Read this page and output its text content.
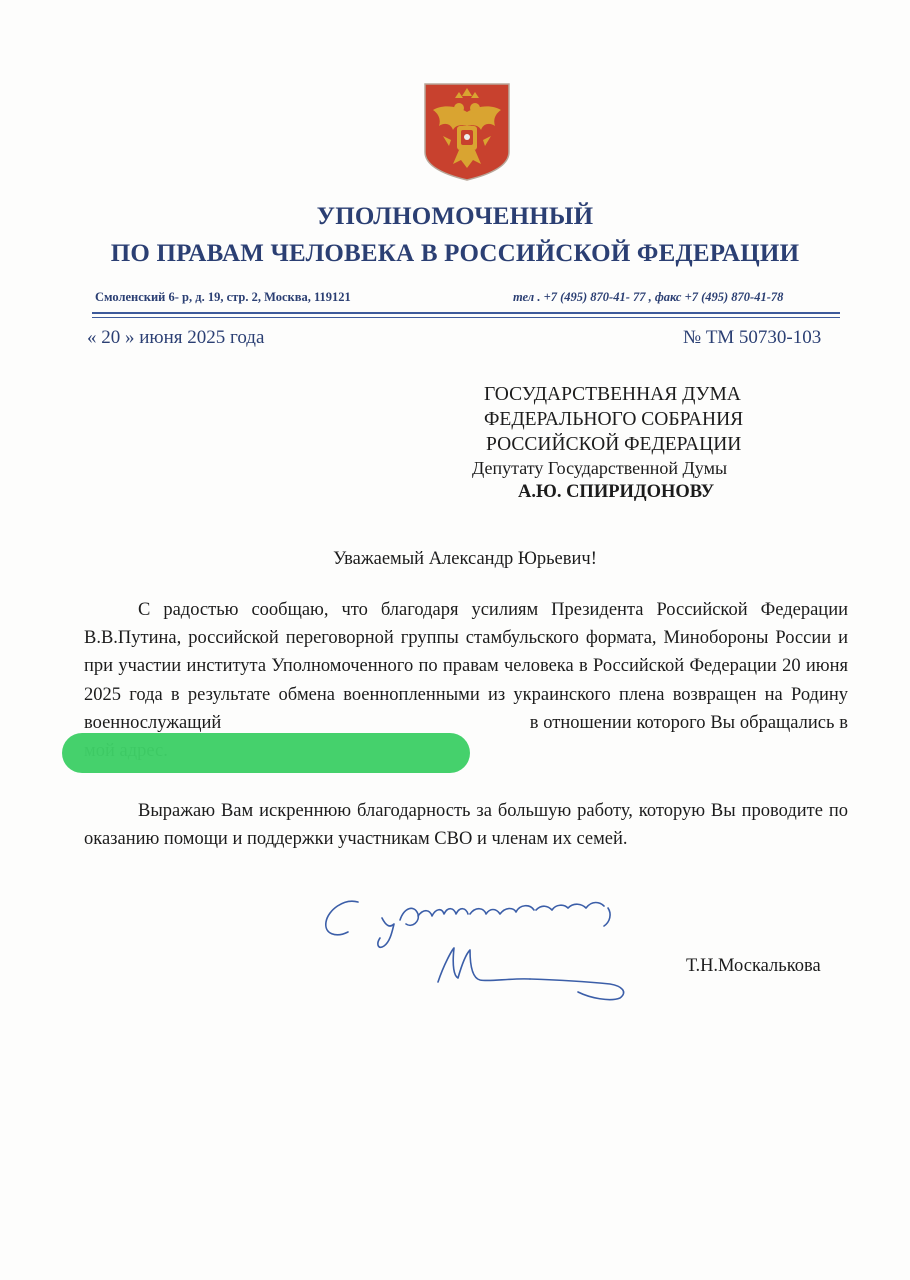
УПОЛНОМОЧЕННЫЙ

ПО ПРАВАМ ЧЕЛОВЕКА В РОССИЙСКОЙ ФЕДЕРАЦИИ

Смоленский 6- р, д. 19, стр. 2, Москва, 119121	тел . +7 (495) 870-41- 77 , факс +7 (495) 870-41-78
« 20 » июня 2025 года	№ ТМ 50730-103
ГОСУДАРСТВЕННАЯ ДУМА
ФЕДЕРАЛЬНОГО СОБРАНИЯ
РОССИЙСКОЙ ФЕДЕРАЦИИ
Депутату Государственной Думы
А.Ю. СПИРИДОНОВУ

Уважаемый Александр Юрьевич!

С радостью сообщаю, что благодаря усилиям Президента Российской Федерации В.В.Путина, российской переговорной группы стамбульского формата, Минобороны России и при участии института Уполномоченного по правам человека в Российской Федерации 20 июня 2025 года в результате обмена военнопленными из украинского плена возвращен на Родину военнослужащий                                                                в отношении которого Вы обращались в

Выражаю Вам искреннюю благодарность за большую работу, которую Вы проводите по оказанию помощи и поддержки участникам СВО и членам их семей.

Т.Н.Москалькова
